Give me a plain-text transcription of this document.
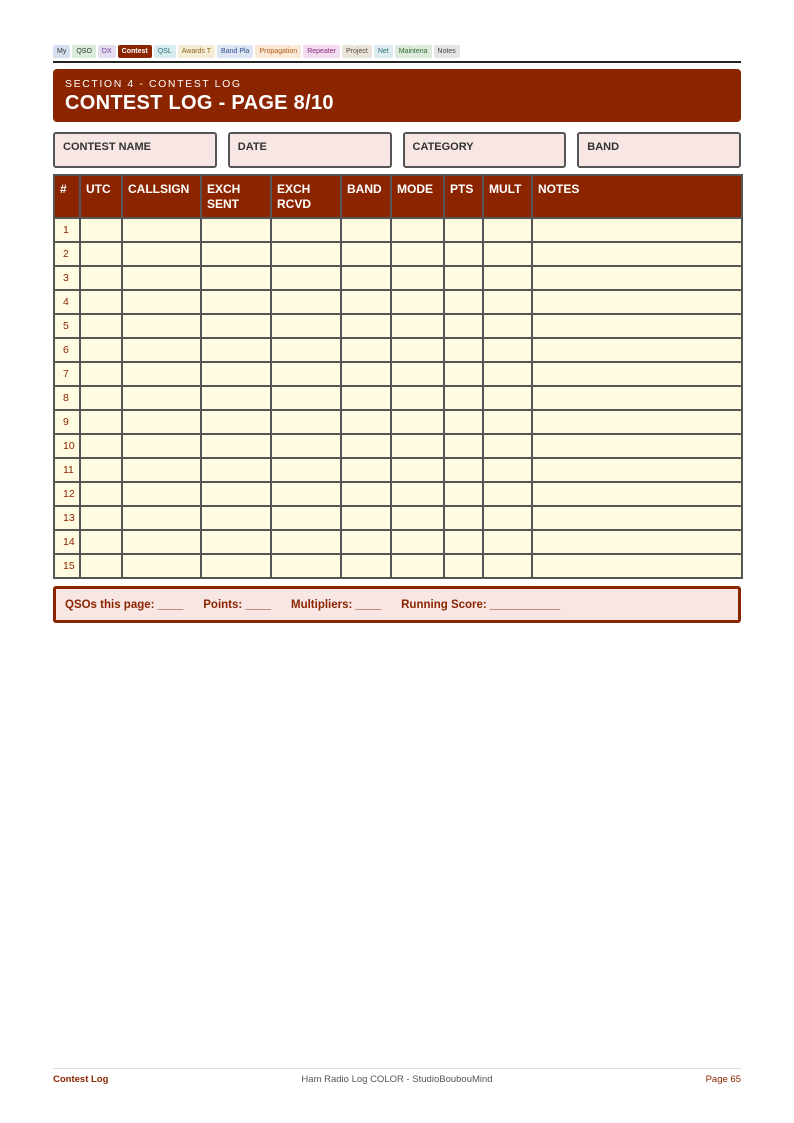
My	QSO	DX	Contest	QSL	Awards T	Band Pla	Propagation	Repeater	Project	Net	Maintena	Notes
SECTION 4 - CONTEST LOG
CONTEST LOG - PAGE 8/10
CONTEST NAME	DATE	CATEGORY	BAND
#	UTC	CALLSIGN	EXCH SENT	EXCH RCVD	BAND	MODE	PTS	MULT	NOTES
1									
2									
3									
4									
5									
6									
7									
8									
9									
10									
11									
12									
13									
14									
15									
QSOs this page: ____ Points: ____ Multipliers: ____ Running Score: ___________
Ham Radio Log COLOR - StudioBoubouMind
Contest Log	Page 65
